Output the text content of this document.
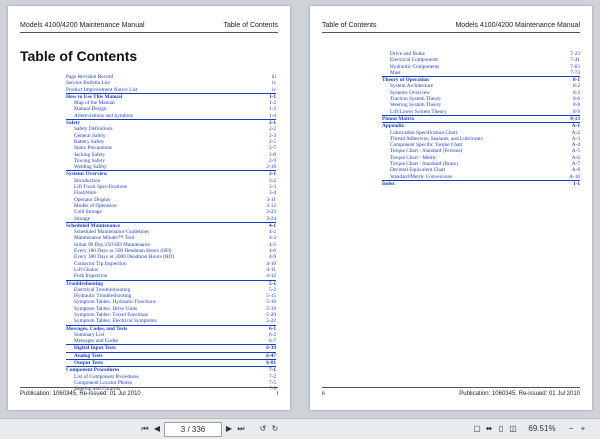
Models 4100/4200 Maintenance Manual	Table of Contents
Table of Contents
Page Revision Record	iii
Service Bulletin List	iv
Product Improvement Notice List	iv
How to Use This Manual	1-1
Map of the Manual	1-2
Manual Design	1-3
Abbreviations and Symbols	1-4
Safety	2-1
Safety Definitions	2-2
General Safety	2-3
Battery Safety	2-5
Static Precautions	2-7
Jacking Safety	2-8
Towing Safety	2-9
Welding Safety	2-10
Systems Overview	3-1
Introduction	3-2
Lift Truck Specifications	3-3
FlashWare	3-4
Operator Display	3-11
Modes of Operation	3-12
Cold Storage	3-23
Storage	3-24
Scheduled Maintenance	4-1
Scheduled Maintenance Guidelines	4-2
Maintenance Minder™ Tool	4-3
Initial 90 Day/250 HD Maintenance	4-5
Every 180 Days or 500 Deadman Hours (HD)	4-6
Every 360 Days or 2000 Deadman Hours (HD)	4-9
Contactor Tip Inspection	4-10
Lift Chains	4-11
Fork Inspection	4-12
Troubleshooting	5-1
Electrical Troubleshooting	5-2
Hydraulic Troubleshooting	5-15
Symptom Tables: Hydraulic Functions	5-16
Symptom Tables: Drive Units	5-19
Symptom Tables: Travel Functions	5-20
Symptom Tables: Electrical Symptoms	5-22
Messages, Codes, and Tests	6-1
Summary List	6-2
Messages and Codes	6-7
Digital Input Tests	6-39
Analog Tests	6-47
Output Tests	6-81
Component Procedures	7-1
List of Component Procedures	7-2
Component Locator Photos	7-5
Steering and Controls	7-9
Publication: 1060345, Re-issued: 01 Jul 2010	i
Table of Contents	Models 4100/4200 Maintenance Manual
Drive and Brake	7-23
Electrical Components	7-41
Hydraulic Components	7-63
Mast	7-73
Theory of Operation	8-1
System Architecture	8-2
Systems Overview	8-3
Traction System Theory	8-6
Steering System Theory	8-8
Lift/Lower System Theory	8-9
Pinout Matrix	8-13
Appendix	A-1
Lubrication Specification Chart	A-2
Thread Adhesives, Sealants, and Lubricants	A-3
Component Specific Torque Chart	A-4
Torque Chart - Standard (Ferrous)	A-5
Torque Chart - Metric	A-6
Torque Chart - Standard (Brass)	A-7
Decimal Equivalent Chart	A-8
Standard/Metric Conversions	A-10
Index	I-1
ii	Publication: 1060345, Re-issued: 01 Jul 2010
⏮ ◀	3 / 336	▶ ⏭ ↺ ↻	▢ ⬌ ▯ ◫	69.51%	− +
